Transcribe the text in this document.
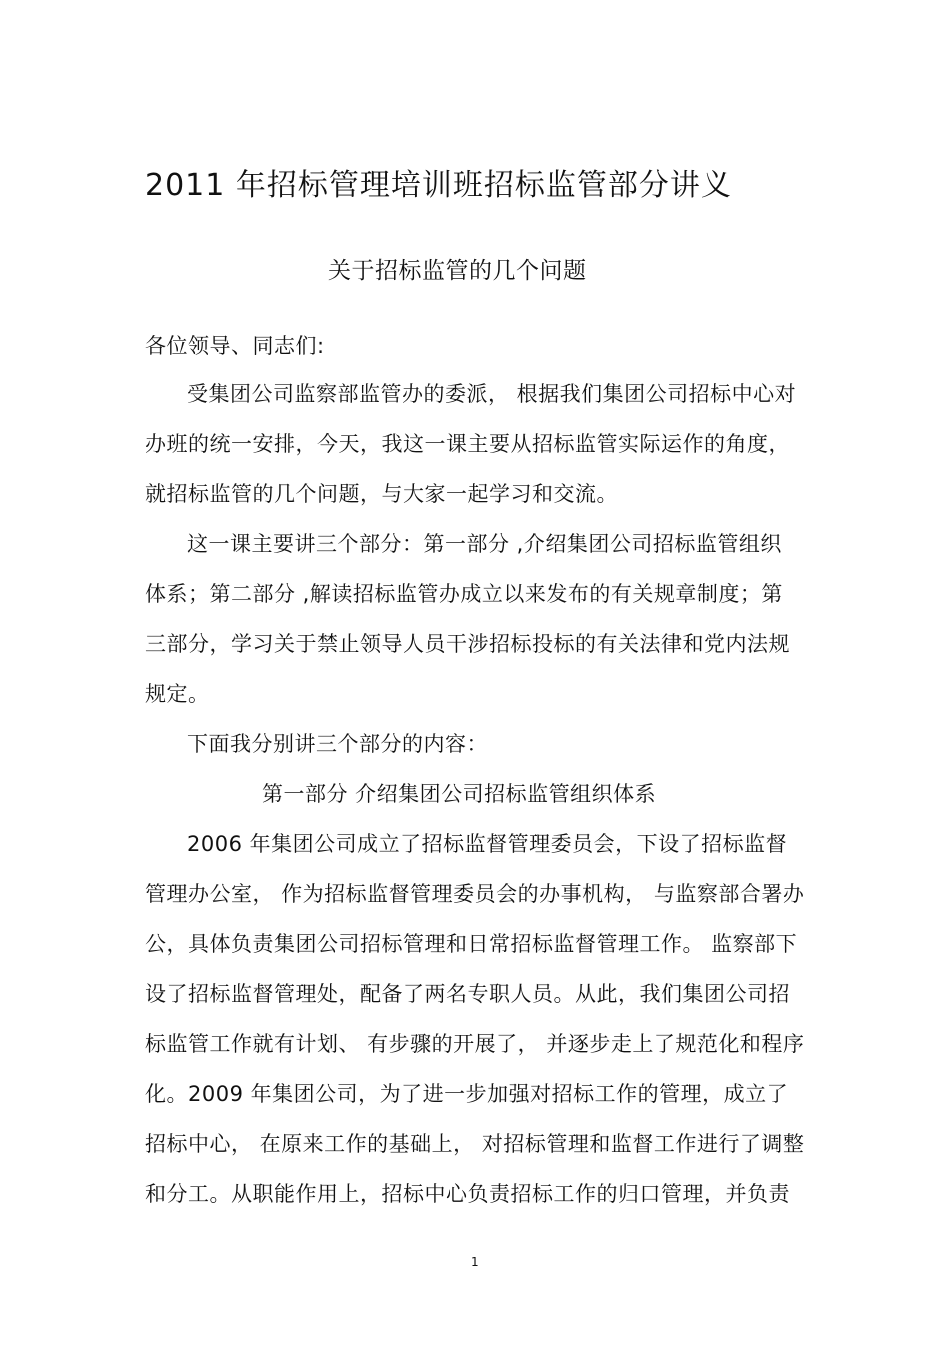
2011 年招标管理培训班招标监管部分讲义
关于招标监管的几个问题
各位领导、同志们:
受集团公司监察部监管办的委派， 根据我们集团公司招标中心对
办班的统一安排，今天，我这一课主要从招标监管实际运作的角度，
就招标监管的几个问题，与大家一起学习和交流。
这一课主要讲三个部分：第一部分 ,介绍集团公司招标监管组织
体系；第二部分 ,解读招标监管办成立以来发布的有关规章制度；第
三部分，学习关于禁止领导人员干涉招标投标的有关法律和党内法规
规定。
下面我分别讲三个部分的内容：
第一部分 介绍集团公司招标监管组织体系
2006 年集团公司成立了招标监督管理委员会，下设了招标监督
管理办公室， 作为招标监督管理委员会的办事机构， 与监察部合署办
公，具体负责集团公司招标管理和日常招标监督管理工作。 监察部下
设了招标监督管理处，配备了两名专职人员。从此，我们集团公司招
标监管工作就有计划、 有步骤的开展了， 并逐步走上了规范化和程序
化。2009 年集团公司，为了进一步加强对招标工作的管理，成立了
招标中心， 在原来工作的基础上， 对招标管理和监督工作进行了调整
和分工。从职能作用上，招标中心负责招标工作的归口管理，并负责
1
